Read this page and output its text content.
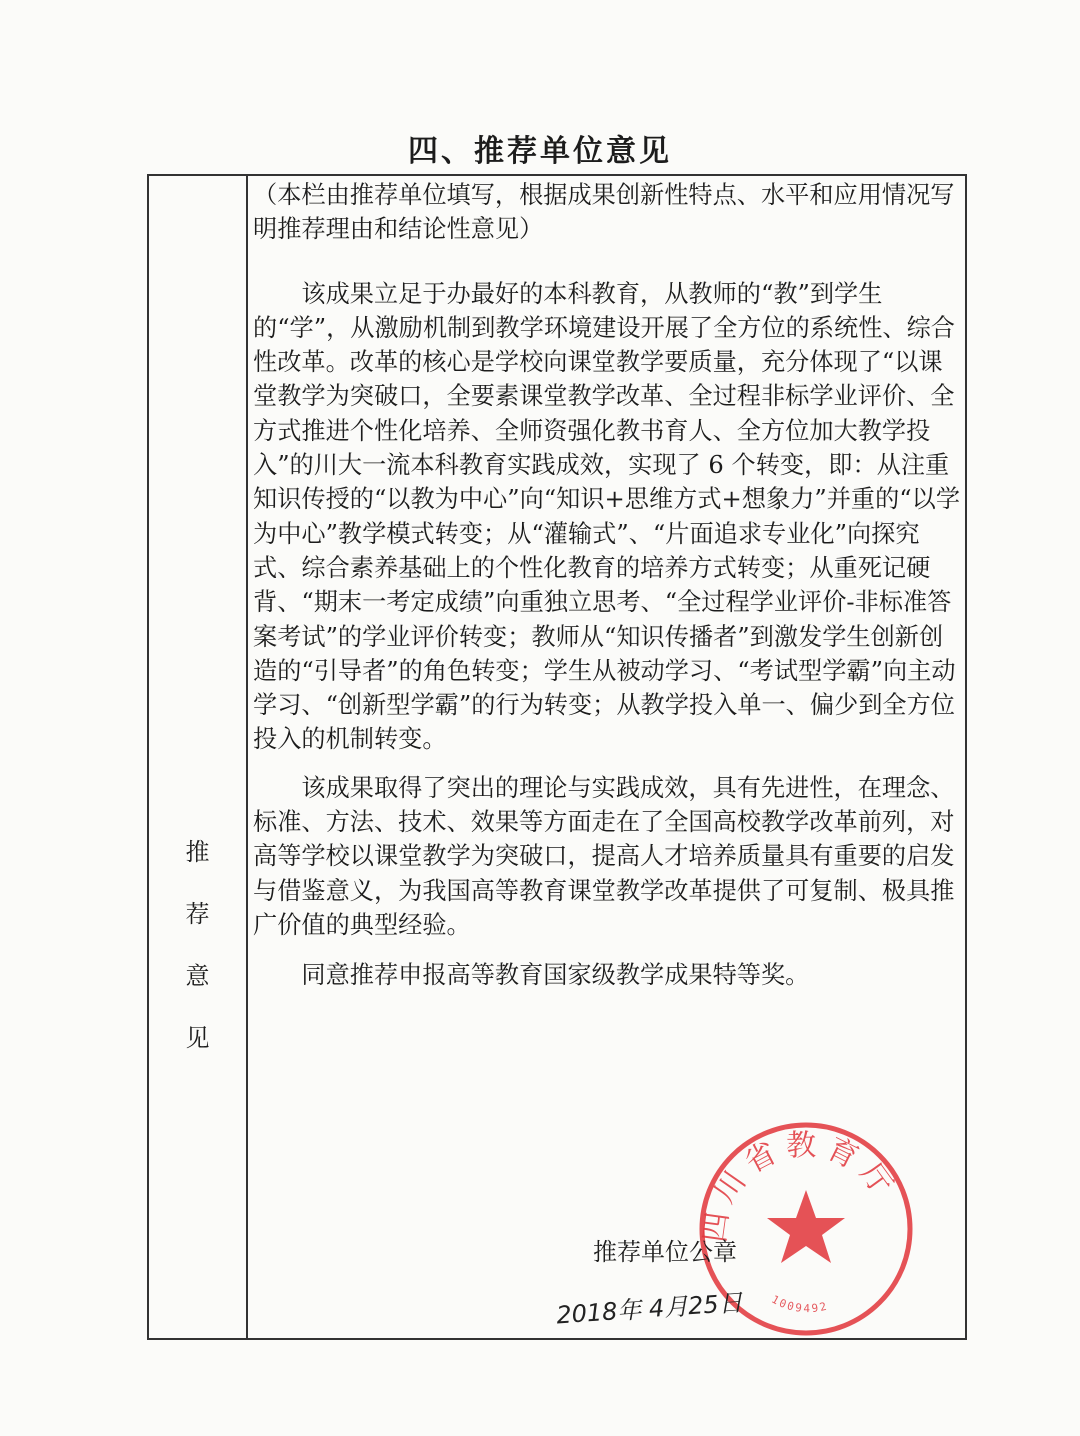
四、推荐单位意见
推
荐
意
见

（本栏由推荐单位填写，根据成果创新性特点、水平和应用情况写明推荐理由和结论性意见）

该成果立足于办最好的本科教育，从教师的“教”到学生的“学”，从激励机制到教学环境建设开展了全方位的系统性、综合性改革。改革的核心是学校向课堂教学要质量，充分体现了“以课堂教学为突破口，全要素课堂教学改革、全过程非标学业评价、全方式推进个性化培养、全师资强化教书育人、全方位加大教学投入”的川大一流本科教育实践成效，实现了 6 个转变，即：从注重知识传授的“以教为中心”向“知识+思维方式+想象力”并重的“以学为中心”教学模式转变；从“灌输式”、“片面追求专业化”向探究式、综合素养基础上的个性化教育的培养方式转变；从重死记硬背、“期末一考定成绩”向重独立思考、“全过程学业评价-非标准答案考试”的学业评价转变；教师从“知识传播者”到激发学生创新创造的“引导者”的角色转变；学生从被动学习、“考试型学霸”向主动学习、“创新型学霸”的行为转变；从教学投入单一、偏少到全方位投入的机制转变。

该成果取得了突出的理论与实践成效，具有先进性，在理念、标准、方法、技术、效果等方面走在了全国高校教学改革前列，对高等学校以课堂教学为突破口，提高人才培养质量具有重要的启发与借鉴意义，为我国高等教育课堂教学改革提供了可复制、极具推广价值的典型经验。

同意推荐申报高等教育国家级教学成果特等奖。

四川省教育厅
1009492
推荐单位公章
2018年 4月25日
